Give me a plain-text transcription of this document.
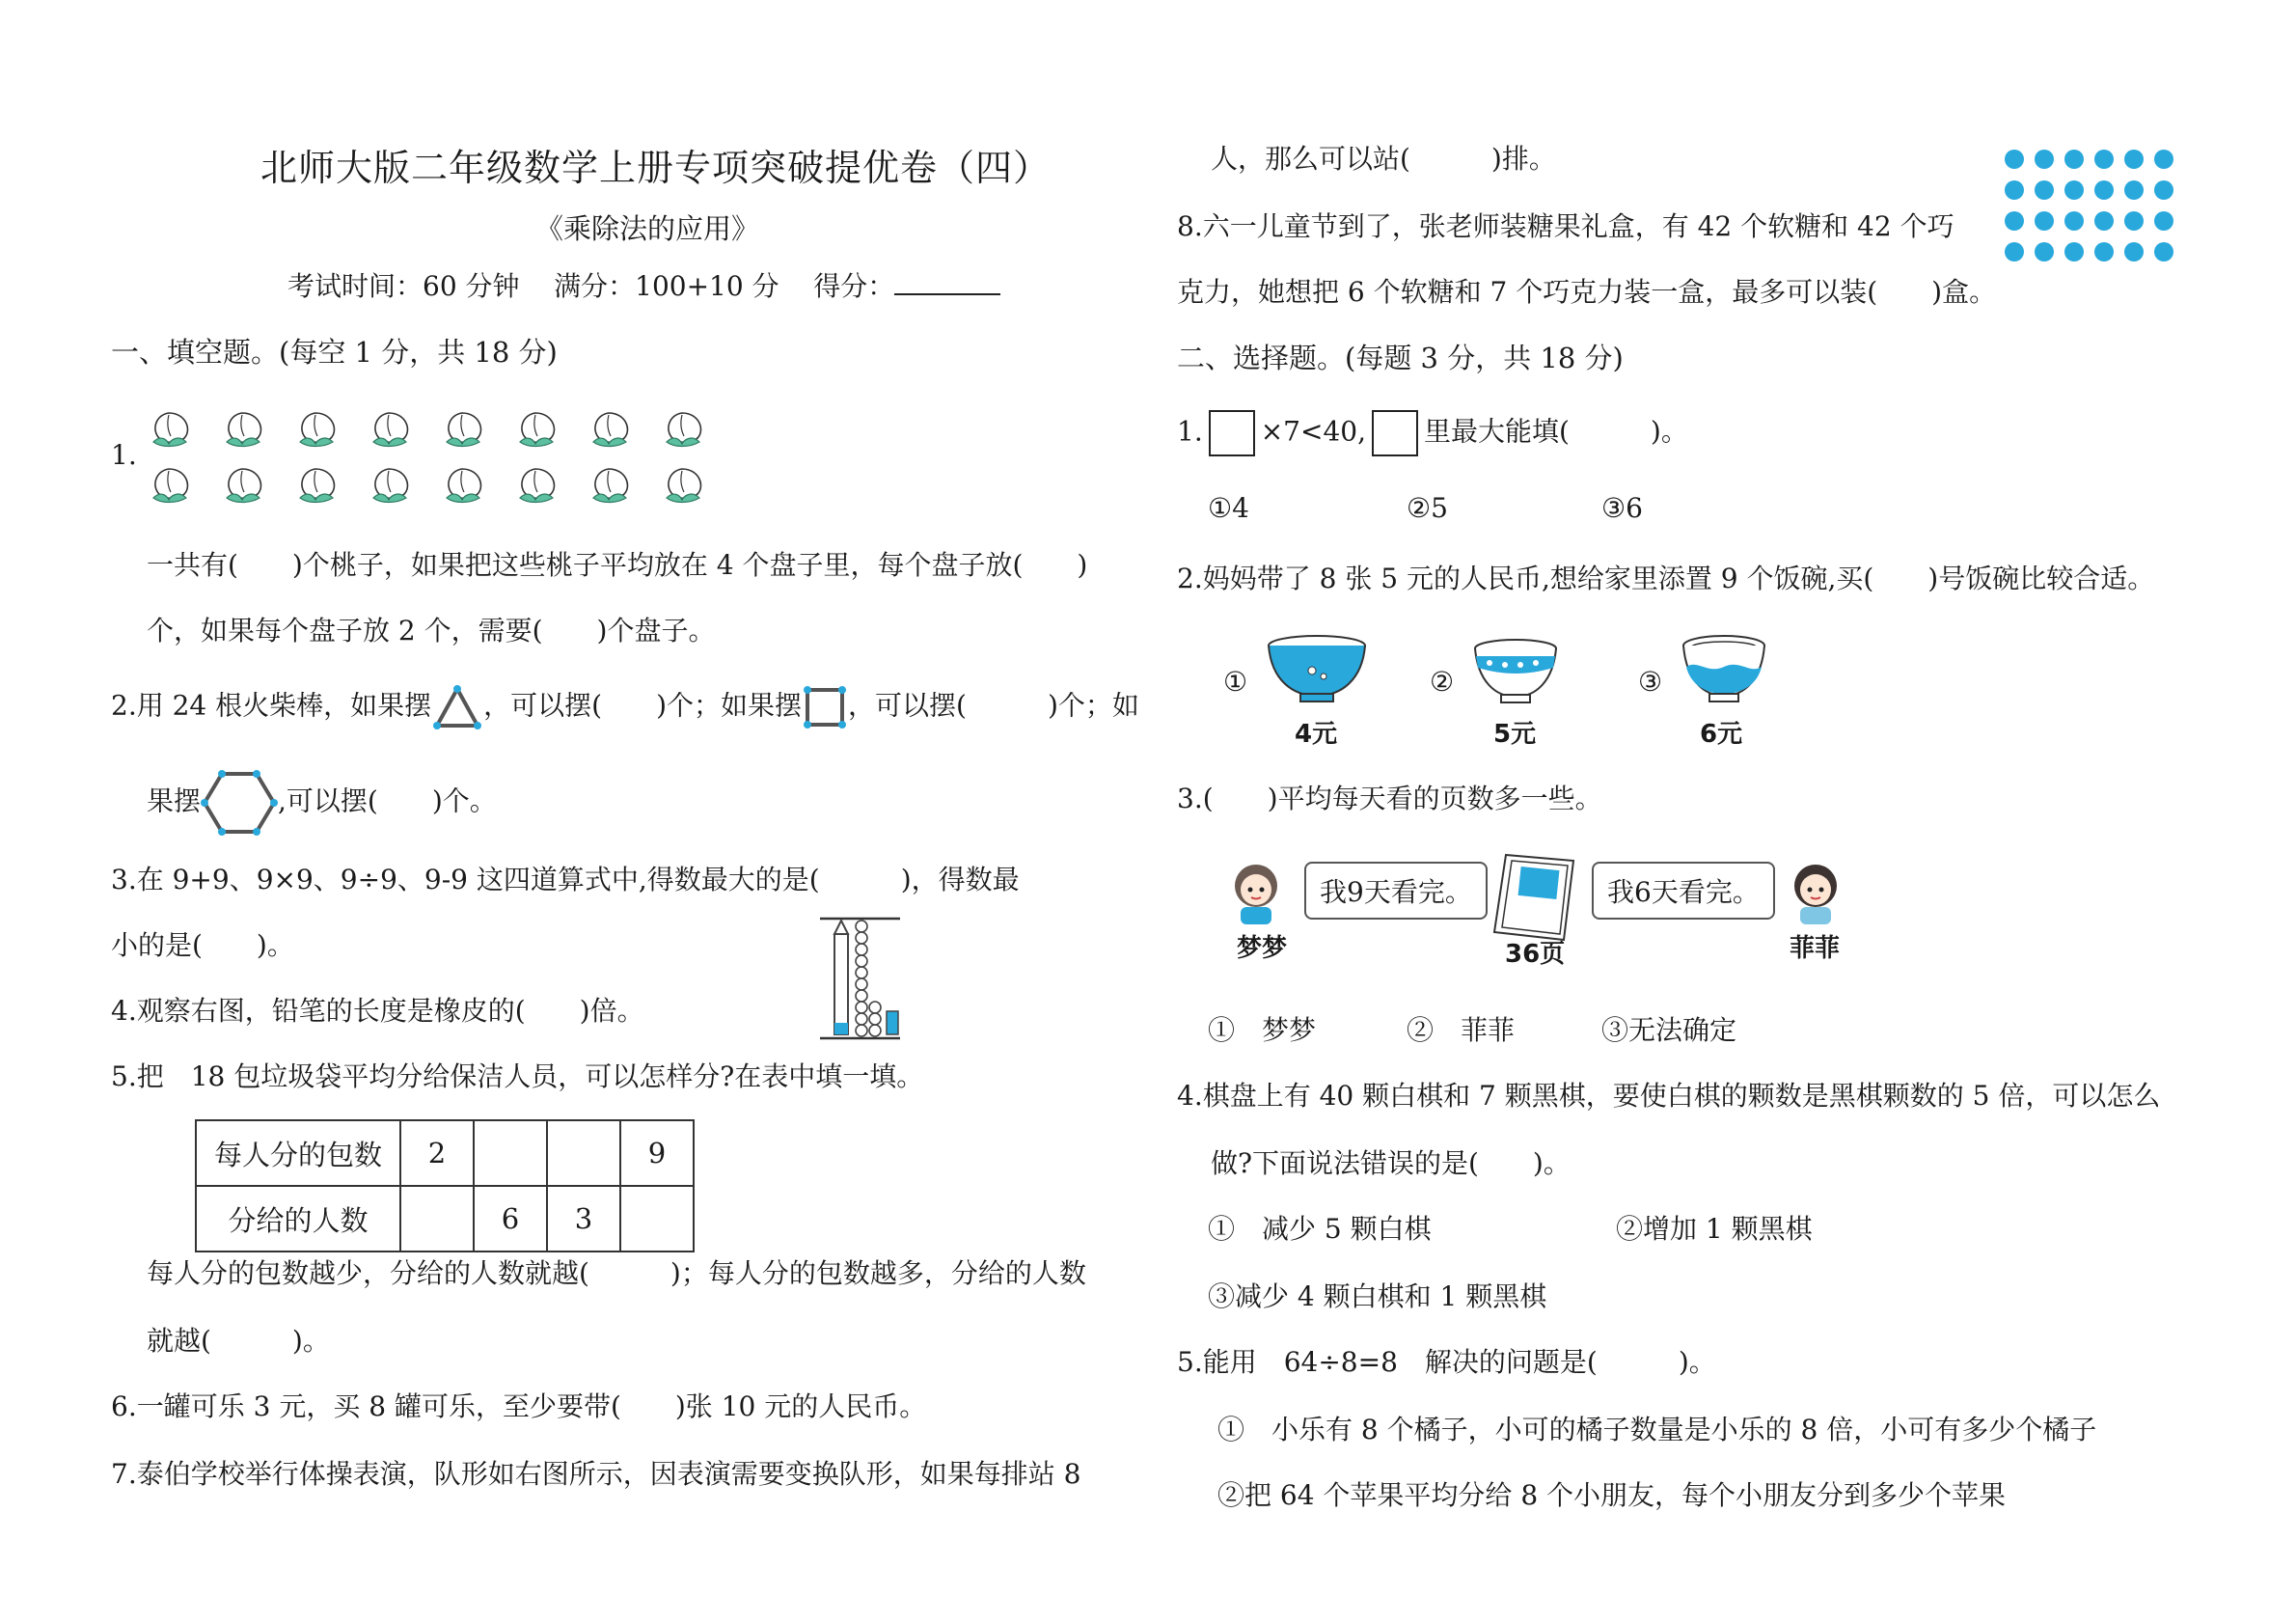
北师大版二年级数学上册专项突破提优卷（四）
《乘除法的应用》
考试时间：60 分钟 满分：100+10 分 得分：
一、填空题。(每空 1 分，共 18 分)
1.
一共有(　　)个桃子，如果把这些桃子平均放在 4 个盘子里，每个盘子放(　　)
个，如果每个盘子放 2 个，需要(　　)个盘子。
2.用 24 根火柴棒，如果摆 ，可以摆(　　)个；如果摆 ，可以摆(　　　)个；如
果摆	,可以摆(　　)个。
3.在 9+9、9×9、9÷9、9-9 这四道算式中,得数最大的是(　　　)，得数最
小的是(　　)。
4.观察右图，铅笔的长度是橡皮的(　　)倍。
5.把　18 包垃圾袋平均分给保洁人员，可以怎样分?在表中填一填。
每人分的包数	2			9
分给的人数		6	3	
每人分的包数越少，分给的人数就越(　　　)；每人分的包数越多，分给的人数
就越(　　　)。
6.一罐可乐 3 元，买 8 罐可乐，至少要带(　　)张 10 元的人民币。
7.泰伯学校举行体操表演，队形如右图所示，因表演需要变换队形，如果每排站 8
人，那么可以站(　　　)排。
8.六一儿童节到了，张老师装糖果礼盒，有 42 个软糖和 42 个巧
克力，她想把 6 个软糖和 7 个巧克力装一盒，最多可以装(　　)盒。
二、选择题。(每题 3 分，共 18 分)
1. ×7<40, 里最大能填(　　　)。
①4	②5	③6
2.妈妈带了 8 张 5 元的人民币,想给家里添置 9 个饭碗,买(　　)号饭碗比较合适。
①
4元
②
5元
③
6元
3.(　　)平均每天看的页数多一些。
梦梦
我9天看完。
36页
我6天看完。
菲菲
①　梦梦	②　菲菲	③无法确定
4.棋盘上有 40 颗白棋和 7 颗黑棋，要使白棋的颗数是黑棋颗数的 5 倍，可以怎么
做?下面说法错误的是(　　)。
①　减少 5 颗白棋	②增加 1 颗黑棋
③减少 4 颗白棋和 1 颗黑棋
5.能用　64÷8=8　解决的问题是(　　　)。
①　小乐有 8 个橘子，小可的橘子数量是小乐的 8 倍，小可有多少个橘子
②把 64 个苹果平均分给 8 个小朋友，每个小朋友分到多少个苹果
